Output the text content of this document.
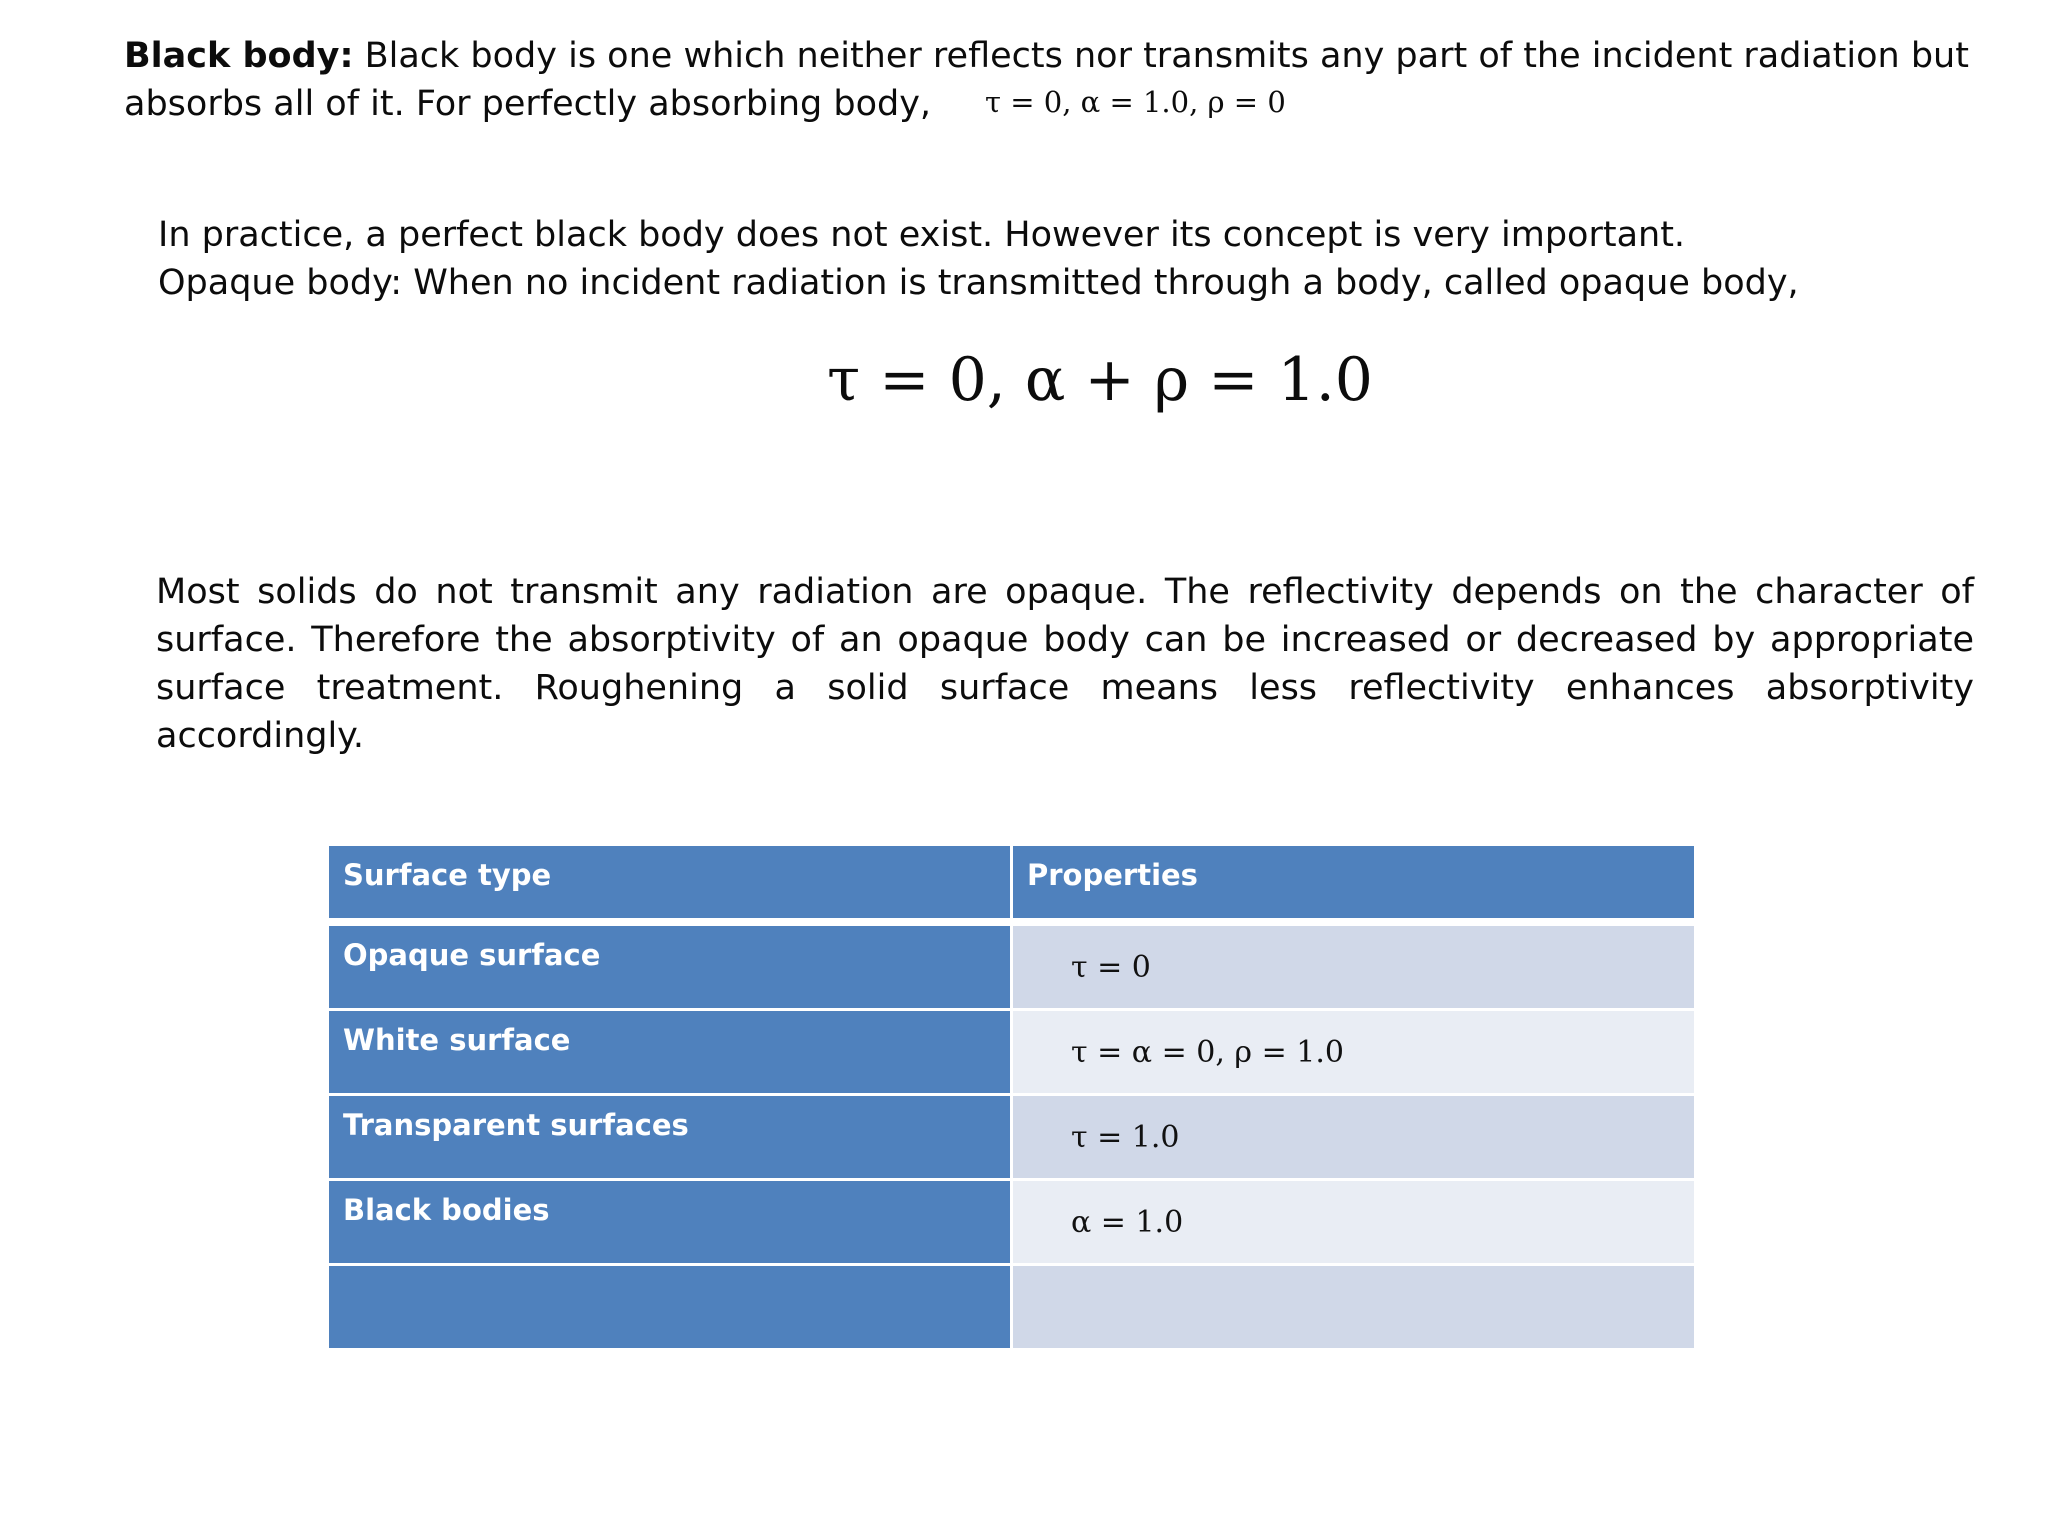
Black body: Black body is one which neither reflects nor transmits any part of the incident radiation but absorbs all of it. For perfectly absorbing body,	τ = 0, α = 1.0, ρ = 0
In practice, a perfect black body does not exist. However its concept is very important.
Opaque body: When no incident radiation is transmitted through a body, called opaque body,
τ = 0, α + ρ = 1.0

Most solids do not transmit any radiation are opaque. The reflectivity depends on the character of surface. Therefore the absorptivity of an opaque body can be increased or decreased by appropriate surface treatment. Roughening a solid surface means less reflectivity enhances absorptivity accordingly.

Surface type	Properties
Opaque surface	τ = 0
White surface	τ = α = 0, ρ = 1.0
Transparent surfaces	τ = 1.0
Black bodies	α = 1.0
